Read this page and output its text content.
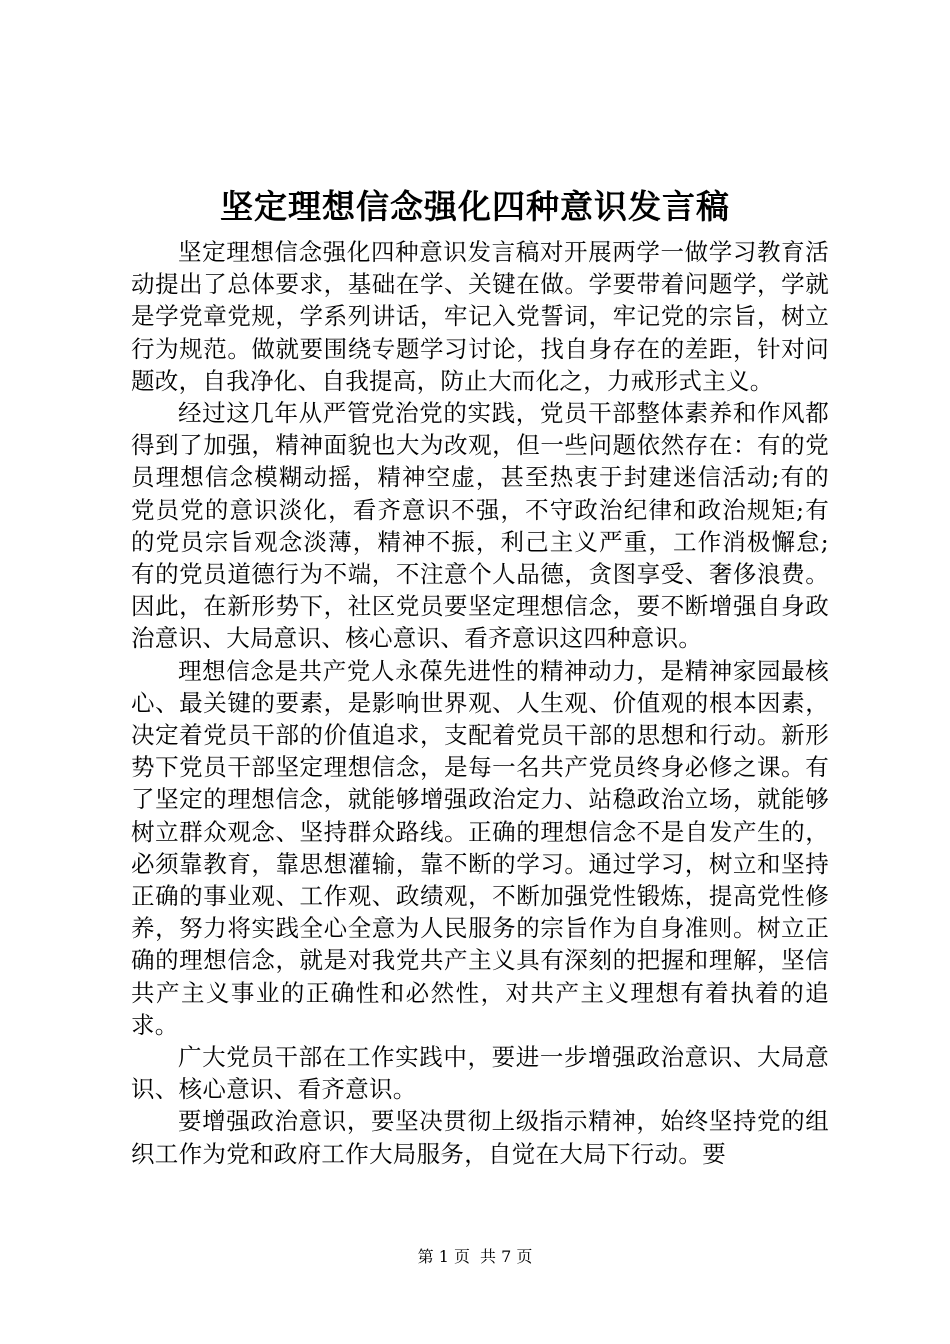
坚定理想信念强化四种意识发言稿

坚定理想信念强化四种意识发言稿对开展两学一做学习教育活动提出了总体要求，基础在学、关键在做。学要带着问题学，学就是学党章党规，学系列讲话，牢记入党誓词，牢记党的宗旨，树立行为规范。做就要围绕专题学习讨论，找自身存在的差距，针对问题改，自我净化、自我提高，防止大而化之，力戒形式主义。

经过这几年从严管党治党的实践，党员干部整体素养和作风都得到了加强，精神面貌也大为改观，但一些问题依然存在：有的党员理想信念模糊动摇，精神空虚，甚至热衷于封建迷信活动;有的党员党的意识淡化，看齐意识不强，不守政治纪律和政治规矩;有的党员宗旨观念淡薄，精神不振，利己主义严重，工作消极懈怠;有的党员道德行为不端，不注意个人品德，贪图享受、奢侈浪费。因此，在新形势下，社区党员要坚定理想信念，要不断增强自身政治意识、大局意识、核心意识、看齐意识这四种意识。

理想信念是共产党人永葆先进性的精神动力，是精神家园最核心、最关键的要素，是影响世界观、人生观、价值观的根本因素，决定着党员干部的价值追求，支配着党员干部的思想和行动。新形势下党员干部坚定理想信念，是每一名共产党员终身必修之课。有了坚定的理想信念，就能够增强政治定力、站稳政治立场，就能够树立群众观念、坚持群众路线。正确的理想信念不是自发产生的，必须靠教育，靠思想灌输，靠不断的学习。通过学习，树立和坚持正确的事业观、工作观、政绩观，不断加强党性锻炼，提高党性修养，努力将实践全心全意为人民服务的宗旨作为自身准则。树立正确的理想信念，就是对我党共产主义具有深刻的把握和理解，坚信共产主义事业的正确性和必然性，对共产主义理想有着执着的追求。

广大党员干部在工作实践中，要进一步增强政治意识、大局意识、核心意识、看齐意识。

要增强政治意识，要坚决贯彻上级指示精神，始终坚持党的组织工作为党和政府工作大局服务，自觉在大局下行动。要

第 1 页 共 7 页
